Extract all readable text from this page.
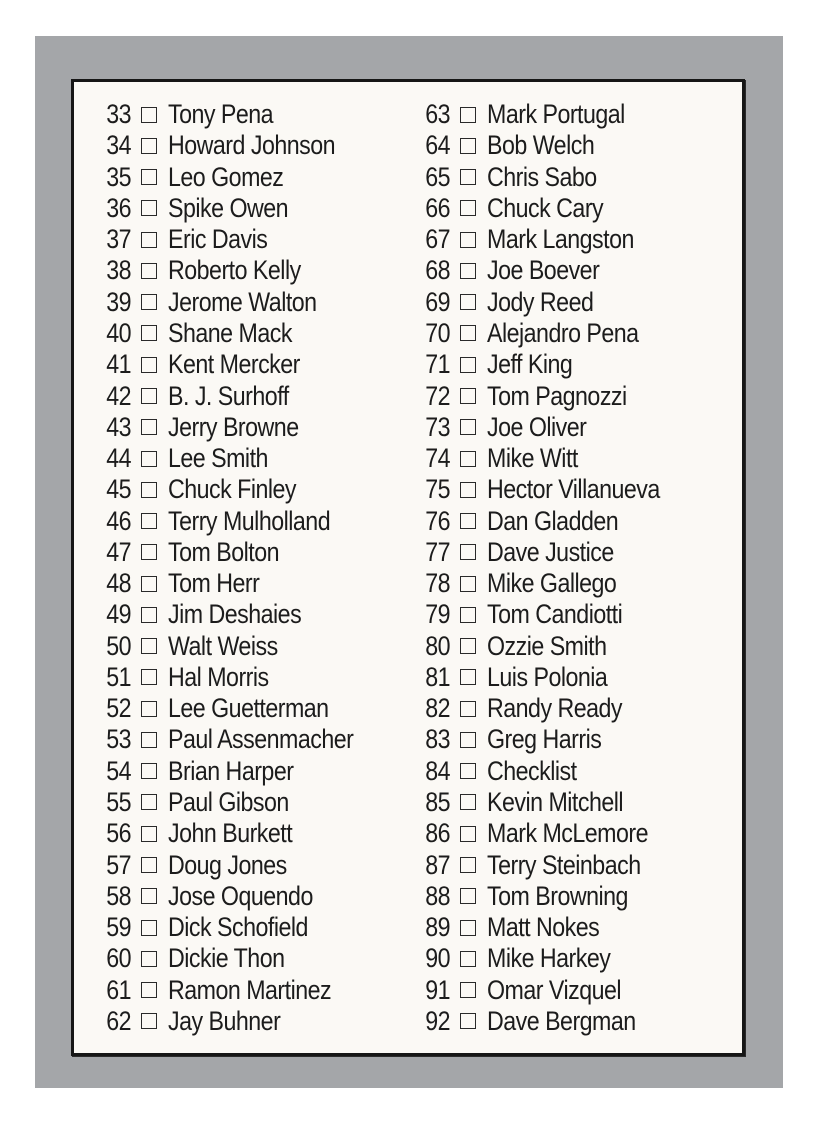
33 Tony Pena
34 Howard Johnson
35 Leo Gomez
36 Spike Owen
37 Eric Davis
38 Roberto Kelly
39 Jerome Walton
40 Shane Mack
41 Kent Mercker
42 B. J. Surhoff
43 Jerry Browne
44 Lee Smith
45 Chuck Finley
46 Terry Mulholland
47 Tom Bolton
48 Tom Herr
49 Jim Deshaies
50 Walt Weiss
51 Hal Morris
52 Lee Guetterman
53 Paul Assenmacher
54 Brian Harper
55 Paul Gibson
56 John Burkett
57 Doug Jones
58 Jose Oquendo
59 Dick Schofield
60 Dickie Thon
61 Ramon Martinez
62 Jay Buhner
63 Mark Portugal
64 Bob Welch
65 Chris Sabo
66 Chuck Cary
67 Mark Langston
68 Joe Boever
69 Jody Reed
70 Alejandro Pena
71 Jeff King
72 Tom Pagnozzi
73 Joe Oliver
74 Mike Witt
75 Hector Villanueva
76 Dan Gladden
77 Dave Justice
78 Mike Gallego
79 Tom Candiotti
80 Ozzie Smith
81 Luis Polonia
82 Randy Ready
83 Greg Harris
84 Checklist
85 Kevin Mitchell
86 Mark McLemore
87 Terry Steinbach
88 Tom Browning
89 Matt Nokes
90 Mike Harkey
91 Omar Vizquel
92 Dave Bergman
